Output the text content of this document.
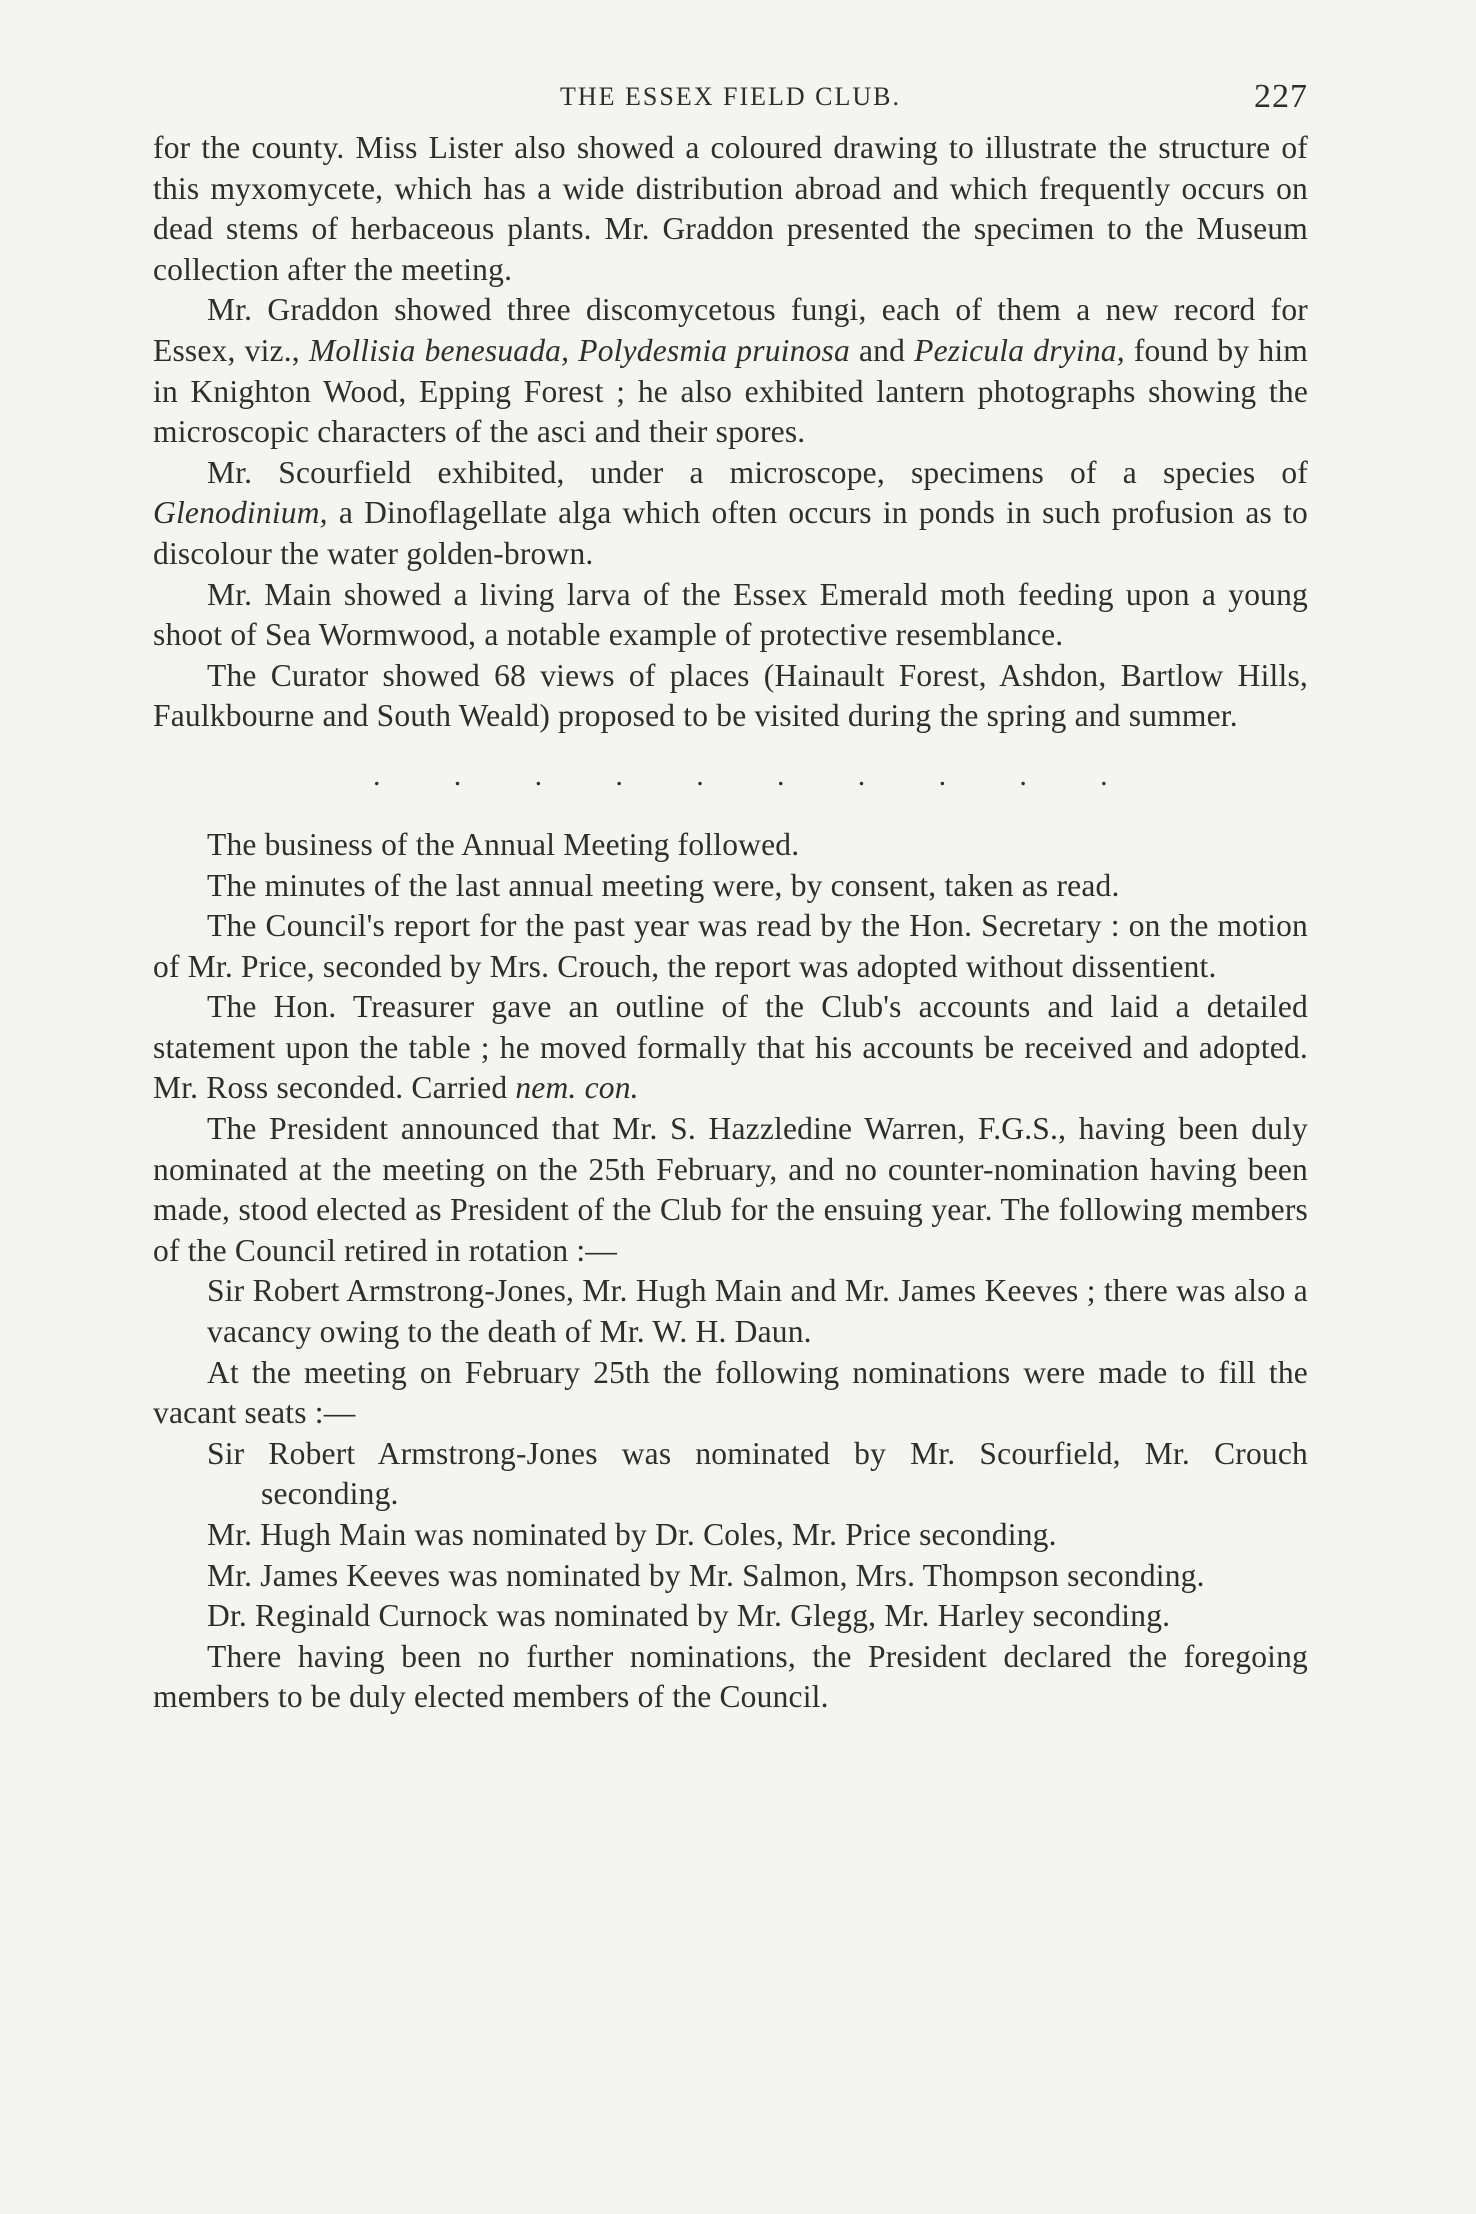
THE ESSEX FIELD CLUB.	227

for the county. Miss Lister also showed a coloured drawing to illustrate the structure of this myxomycete, which has a wide distribution abroad and which frequently occurs on dead stems of herbaceous plants. Mr. Graddon presented the specimen to the Museum collection after the meeting.

Mr. Graddon showed three discomycetous fungi, each of them a new record for Essex, viz., Mollisia benesuada, Polydesmia pruinosa and Pezicula dryina, found by him in Knighton Wood, Epping Forest ; he also exhibited lantern photographs showing the microscopic characters of the asci and their spores.

Mr. Scourfield exhibited, under a microscope, specimens of a species of Glenodinium, a Dinoflagellate alga which often occurs in ponds in such profusion as to discolour the water golden-brown.

Mr. Main showed a living larva of the Essex Emerald moth feeding upon a young shoot of Sea Wormwood, a notable example of protective resemblance.

The Curator showed 68 views of places (Hainault Forest, Ashdon, Bartlow Hills, Faulkbourne and South Weald) proposed to be visited during the spring and summer.

. . . . . . . . . .

The business of the Annual Meeting followed.

The minutes of the last annual meeting were, by consent, taken as read.

The Council's report for the past year was read by the Hon. Secretary : on the motion of Mr. Price, seconded by Mrs. Crouch, the report was adopted without dissentient.

The Hon. Treasurer gave an outline of the Club's accounts and laid a detailed statement upon the table ; he moved formally that his accounts be received and adopted. Mr. Ross seconded. Carried nem. con.

The President announced that Mr. S. Hazzledine Warren, F.G.S., having been duly nominated at the meeting on the 25th February, and no counter-nomination having been made, stood elected as President of the Club for the ensuing year. The following members of the Council retired in rotation :—

Sir Robert Armstrong-Jones, Mr. Hugh Main and Mr. James Keeves ; there was also a vacancy owing to the death of Mr. W. H. Daun.

At the meeting on February 25th the following nominations were made to fill the vacant seats :—

Sir Robert Armstrong-Jones was nominated by Mr. Scourfield, Mr. Crouch seconding.

Mr. Hugh Main was nominated by Dr. Coles, Mr. Price seconding.

Mr. James Keeves was nominated by Mr. Salmon, Mrs. Thompson seconding.

Dr. Reginald Curnock was nominated by Mr. Glegg, Mr. Harley seconding.

There having been no further nominations, the President declared the foregoing members to be duly elected members of the Council.
